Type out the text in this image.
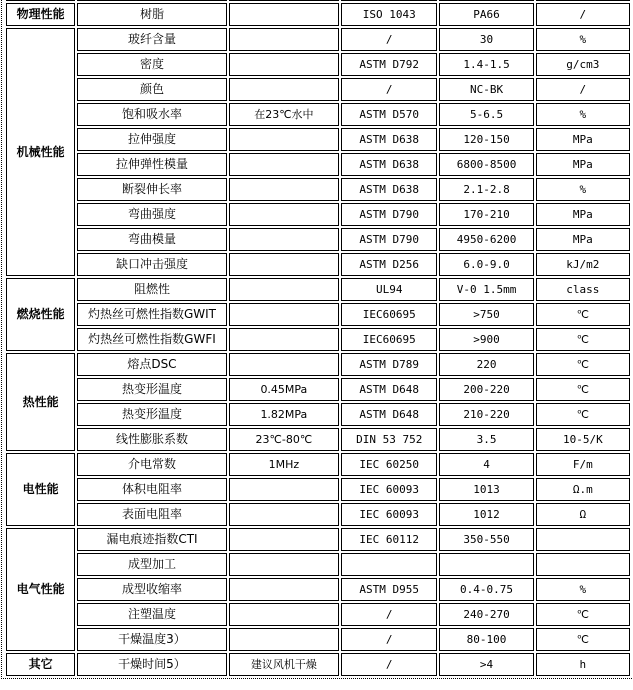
物理性能	树脂		ISO 1043	PA66	/
机械性能	玻纤含量		/	30	%
	密度		ASTM D792	1.4-1.5	g/cm3
	颜色		/	NC-BK	/
	饱和吸水率	在23℃水中	ASTM D570	5-6.5	%
	拉伸强度		ASTM D638	120-150	MPa
	拉伸弹性模量		ASTM D638	6800-8500	MPa
	断裂伸长率		ASTM D638	2.1-2.8	%
	弯曲强度		ASTM D790	170-210	MPa
	弯曲模量		ASTM D790	4950-6200	MPa
	缺口冲击强度		ASTM D256	6.0-9.0	kJ/m2
燃烧性能	阻燃性		UL94	V-0 1.5mm	class
	灼热丝可燃性指数GWIT		IEC60695	>750	℃
	灼热丝可燃性指数GWFI		IEC60695	>900	℃
热性能	熔点DSC		ASTM D789	220	℃
	热变形温度	0.45MPa	ASTM D648	200-220	℃
	热变形温度	1.82MPa	ASTM D648	210-220	℃
	线性膨胀系数	23℃-80℃	DIN 53 752	3.5	10-5/K
电性能	介电常数	1MHz	IEC 60250	4	F/m
	体积电阻率		IEC 60093	1013	Ω.m
	表面电阻率		IEC 60093	1012	Ω
电气性能	漏电痕迹指数CTI		IEC 60112	350-550	
	成型加工				
	成型收缩率		ASTM D955	0.4-0.75	%
	注塑温度		/	240-270	℃
	干燥温度3）		/	80-100	℃
其它	干燥时间5）	建议风机干燥	/	>4	h
